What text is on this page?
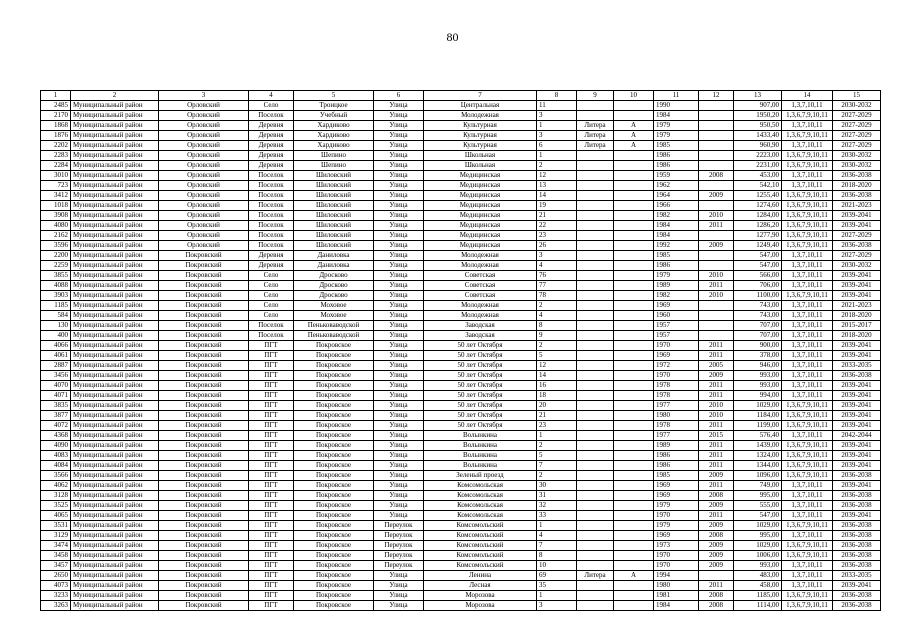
80
1	2	3	4	5	6	7	8	9	10	11	12	13	14	15
2485	Муниципальный район	Орловский	Село	Троицкое	Улица	Центральная	11			1990		907,00	1,3,7,10,11	2030-2032
2170	Муниципальный район	Орловский	Поселок	Учебный	Улица	Молодежная	3			1984		1950,20	1,3,6,7,9,10,11	2027-2029
1868	Муниципальный район	Орловский	Деревня	Хардиково	Улица	Культурная	1	Литера	А	1979		950,50	1,3,7,10,11	2027-2029
1876	Муниципальный район	Орловский	Деревня	Хардиково	Улица	Культурная	3	Литера	А	1979		1433,40	1,3,6,7,9,10,11	2027-2029
2202	Муниципальный район	Орловский	Деревня	Хардиково	Улица	Культурная	6	Литера	А	1985		960,90	1,3,7,10,11	2027-2029
2283	Муниципальный район	Орловский	Деревня	Шепино	Улица	Школьная	1			1986		2223,00	1,3,6,7,9,10,11	2030-2032
2284	Муниципальный район	Орловский	Деревня	Шепино	Улица	Школьная	2			1986		2231,00	1,3,6,7,9,10,11	2030-2032
3010	Муниципальный район	Орловский	Поселок	Шиловский	Улица	Медицинская	12			1959	2008	453,00	1,3,7,10,11	2036-2038
723	Муниципальный район	Орловский	Поселок	Шиловский	Улица	Медицинская	13			1962		542,10	1,3,7,10,11	2018-2020
3412	Муниципальный район	Орловский	Поселок	Шиловский	Улица	Медицинская	14			1964	2009	1255,40	1,3,6,7,9,10,11	2036-2038
1018	Муниципальный район	Орловский	Поселок	Шиловский	Улица	Медицинская	19			1966		1274,60	1,3,6,7,9,10,11	2021-2023
3908	Муниципальный район	Орловский	Поселок	Шиловский	Улица	Медицинская	21			1982	2010	1284,00	1,3,6,7,9,10,11	2039-2041
4080	Муниципальный район	Орловский	Поселок	Шиловский	Улица	Медицинская	22			1984	2011	1286,20	1,3,6,7,9,10,11	2039-2041
2162	Муниципальный район	Орловский	Поселок	Шиловский	Улица	Медицинская	23			1984		1277,90	1,3,6,7,9,10,11	2027-2029
3596	Муниципальный район	Орловский	Поселок	Шиловский	Улица	Медицинская	26			1992	2009	1249,40	1,3,6,7,9,10,11	2036-2038
2200	Муниципальный район	Покровский	Деревня	Даниловка	Улица	Молодежная	3			1985		547,00	1,3,7,10,11	2027-2029
2259	Муниципальный район	Покровский	Деревня	Даниловка	Улица	Молодежная	4			1986		547,00	1,3,7,10,11	2030-2032
3855	Муниципальный район	Покровский	Село	Дросково	Улица	Советская	76			1979	2010	566,00	1,3,7,10,11	2039-2041
4088	Муниципальный район	Покровский	Село	Дросково	Улица	Советская	77			1989	2011	706,00	1,3,7,10,11	2039-2041
3903	Муниципальный район	Покровский	Село	Дросково	Улица	Советская	78			1982	2010	1100,00	1,3,6,7,9,10,11	2039-2041
1185	Муниципальный район	Покровский	Село	Моховое	Улица	Молодежная	2			1969		743,00	1,3,7,10,11	2021-2023
584	Муниципальный район	Покровский	Село	Моховое	Улица	Молодежная	4			1960		743,00	1,3,7,10,11	2018-2020
130	Муниципальный район	Покровский	Поселок	Пеньковаводской	Улица	Заводская	8			1957		707,00	1,3,7,10,11	2015-2017
400	Муниципальный район	Покровский	Поселок	Пеньковаводской	Улица	Заводская	9			1957		707,00	1,3,7,10,11	2018-2020
4066	Муниципальный район	Покровский	ПГТ	Покровское	Улица	50 лет Октября	2			1970	2011	900,00	1,3,7,10,11	2039-2041
4061	Муниципальный район	Покровский	ПГТ	Покровское	Улица	50 лет Октября	5			1969	2011	378,00	1,3,7,10,11	2039-2041
2887	Муниципальный район	Покровский	ПГТ	Покровское	Улица	50 лет Октября	12			1972	2005	946,00	1,3,7,10,11	2033-2035
3456	Муниципальный район	Покровский	ПГТ	Покровское	Улица	50 лет Октября	14			1970	2009	993,00	1,3,7,10,11	2036-2038
4070	Муниципальный район	Покровский	ПГТ	Покровское	Улица	50 лет Октября	16			1978	2011	993,00	1,3,7,10,11	2039-2041
4071	Муниципальный район	Покровский	ПГТ	Покровское	Улица	50 лет Октября	18			1978	2011	994,00	1,3,7,10,11	2039-2041
3835	Муниципальный район	Покровский	ПГТ	Покровское	Улица	50 лет Октября	20			1977	2010	1029,00	1,3,6,7,9,10,11	2039-2041
3877	Муниципальный район	Покровский	ПГТ	Покровское	Улица	50 лет Октября	21			1980	2010	1184,00	1,3,6,7,9,10,11	2039-2041
4072	Муниципальный район	Покровский	ПГТ	Покровское	Улица	50 лет Октября	23			1978	2011	1199,00	1,3,6,7,9,10,11	2039-2041
4368	Муниципальный район	Покровский	ПГТ	Покровское	Улица	Волынкина	1			1977	2015	576,40	1,3,7,10,11	2042-2044
4090	Муниципальный район	Покровский	ПГТ	Покровское	Улица	Волынкина	2			1989	2011	1439,00	1,3,6,7,9,10,11	2039-2041
4083	Муниципальный район	Покровский	ПГТ	Покровское	Улица	Волынкина	5			1986	2011	1324,00	1,3,6,7,9,10,11	2039-2041
4084	Муниципальный район	Покровский	ПГТ	Покровское	Улица	Волынкина	7			1986	2011	1344,00	1,3,6,7,9,10,11	2039-2041
3566	Муниципальный район	Покровский	ПГТ	Покровское	Улица	Зеленый проезд	2			1985	2009	1096,00	1,3,6,7,9,10,11	2036-2038
4062	Муниципальный район	Покровский	ПГТ	Покровское	Улица	Комсомольская	30			1969	2011	749,00	1,3,7,10,11	2039-2041
3128	Муниципальный район	Покровский	ПГТ	Покровское	Улица	Комсомольская	31			1969	2008	995,00	1,3,7,10,11	2036-2038
3525	Муниципальный район	Покровский	ПГТ	Покровское	Улица	Комсомольская	32			1979	2009	555,00	1,3,7,10,11	2036-2038
4065	Муниципальный район	Покровский	ПГТ	Покровское	Улица	Комсомольская	33			1970	2011	547,00	1,3,7,10,11	2039-2041
3531	Муниципальный район	Покровский	ПГТ	Покровское	Переулок	Комсомольский	1			1979	2009	1029,00	1,3,6,7,9,10,11	2036-2038
3129	Муниципальный район	Покровский	ПГТ	Покровское	Переулок	Комсомольский	4			1969	2008	995,00	1,3,7,10,11	2036-2038
3474	Муниципальный район	Покровский	ПГТ	Покровское	Переулок	Комсомольский	7			1973	2009	1029,00	1,3,6,7,9,10,11	2036-2038
3458	Муниципальный район	Покровский	ПГТ	Покровское	Переулок	Комсомольский	8			1970	2009	1006,00	1,3,6,7,9,10,11	2036-2038
3457	Муниципальный район	Покровский	ПГТ	Покровское	Переулок	Комсомольский	10			1970	2009	993,00	1,3,7,10,11	2036-2038
2650	Муниципальный район	Покровский	ПГТ	Покровское	Улица	Ленина	69	Литера	А	1994		483,00	1,3,7,10,11	2033-2035
4073	Муниципальный район	Покровский	ПГТ	Покровское	Улица	Лесная	35			1980	2011	458,00	1,3,7,10,11	2039-2041
3233	Муниципальный район	Покровский	ПГТ	Покровское	Улица	Морозова	1			1981	2008	1185,00	1,3,6,7,9,10,11	2036-2038
3263	Муниципальный район	Покровский	ПГТ	Покровское	Улица	Морозова	3			1984	2008	1114,00	1,3,6,7,9,10,11	2036-2038
